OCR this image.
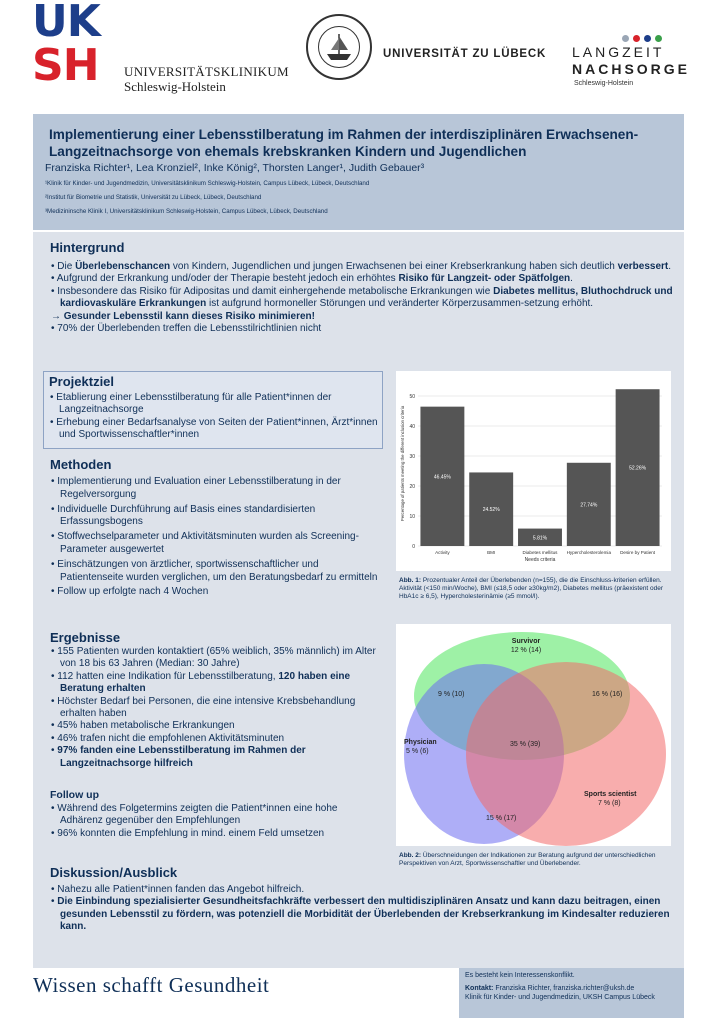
UK
SH UNIVERSITÄTSKLINIKUM
Schleswig-Holstein
UNIVERSITÄT ZU LÜBECK LANGZEIT
NACHSORGE
Schleswig-Holstein
Implementierung einer Lebensstilberatung im Rahmen der interdisziplinären Erwachsenen-Langzeitnachsorge von ehemals krebskranken Kindern und Jugendlichen
Franziska Richter¹, Lea Kronziel², Inke König², Thorsten Langer¹, Judith Gebauer³
¹Klinik für Kinder- und Jugendmedizin, Universitätsklinikum Schleswig-Holstein, Campus Lübeck, Lübeck, Deutschland
²Institut für Biometrie und Statistik, Universität zu Lübeck, Lübeck, Deutschland
³Medizininsche Klinik I, Universitätsklinikum Schleswig-Holstein, Campus Lübeck, Lübeck, Deutschland
Hintergrund
• Die Überlebenschancen von Kindern, Jugendlichen und jungen Erwachsenen bei einer Krebserkrankung haben sich deutlich verbessert.
• Aufgrund der Erkrankung und/oder der Therapie besteht jedoch ein erhöhtes Risiko für Langzeit- oder Spätfolgen.
• Insbesondere das Risiko für Adipositas und damit einhergehende metabolische Erkrankungen wie Diabetes mellitus, Bluthochdruck und kardiovaskuläre Erkrankungen ist aufgrund hormoneller Störungen und veränderter Körperzusammen-setzung erhöht.
→ Gesunder Lebensstil kann dieses Risiko minimieren!
• 70% der Überlebenden treffen die Lebensstilrichtlinien nicht
Projektziel
• Etablierung einer Lebensstilberatung für alle Patient*innen der Langzeitnachsorge
• Erhebung einer Bedarfsanalyse von Seiten der Patient*innen, Ärzt*innen und Sportwissenschaftler*innen
Methoden
• Implementierung und Evaluation einer Lebensstilberatung in der Regelversorgung
• Individuelle Durchführung auf Basis eines standardisierten Erfassungsbogens
• Stoffwechselparameter und Aktivitätsminuten wurden als Screening-Parameter ausgewertet
• Einschätzungen von ärztlicher, sportwissenschaftlicher und Patientenseite wurden verglichen, um den Beratungsbedarf zu ermitteln
• Follow up erfolgte nach 4 Wochen
0
10
20
30
40
50
46.45%
Activity
24.52%
BMI
5.81%
Diabetes mellitus
27.74%
Hypercholesterolemia
52.26%
Desire by Patient
Needs criteria
Percentage of patients meeting the different inclusion criteria
Abb. 1: Prozentualer Anteil der Überlebenden (n=155), die die Einschluss-kriterien erfüllen. Aktivität (<150 min/Woche), BMI (≤18,5 oder ≥30kg/m2), Diabetes mellitus (präexistent oder HbA1c ≥ 6,5), Hypercholesterinämie (≥5 mmol/l).
Ergebnisse
• 155 Patienten wurden kontaktiert (65% weiblich, 35% männlich) im Alter von 18 bis 63 Jahren (Median: 30 Jahre)
• 112 hatten eine Indikation für Lebensstilberatung, 120 haben eine Beratung erhalten
• Höchster Bedarf bei Personen, die eine intensive Krebsbehandlung erhalten haben
• 45% haben metabolische Erkrankungen
• 46% trafen nicht die empfohlenen Aktivitätsminuten
• 97% fanden eine Lebensstilberatung im Rahmen der Langzeitnachsorge hilfreich
Follow up
• Während des Folgetermins zeigten die Patient*innen eine hohe Adhärenz gegenüber den Empfehlungen
• 96% konnten die Empfehlung in mind. einem Feld umsetzen
Survivor
12 % (14)
Physician
5 % (6)
Sports scientist
7 % (8)
9 % (10)	16 % (16)
35 % (39)
15 % (17)
Abb. 2: Überschneidungen der Indikationen zur Beratung aufgrund der unterschiedlichen Perspektiven von Arzt, Sportwissenschaftler und Überlebender.
Diskussion/Ausblick
• Nahezu alle Patient*innen fanden das Angebot hilfreich.
• Die Einbindung spezialisierter Gesundheitsfachkräfte verbessert den multidisziplinären Ansatz und kann dazu beitragen, einen gesunden Lebensstil zu fördern, was potenziell die Morbidität der Überlebenden der Krebserkrankung im Kindesalter reduzieren kann.
Wissen schafft Gesundheit	Es besteht kein Interessenskonflikt.
Kontakt: Franziska Richter, franziska.richter@uksh.de
Klinik für Kinder- und Jugendmedizin, UKSH Campus Lübeck
